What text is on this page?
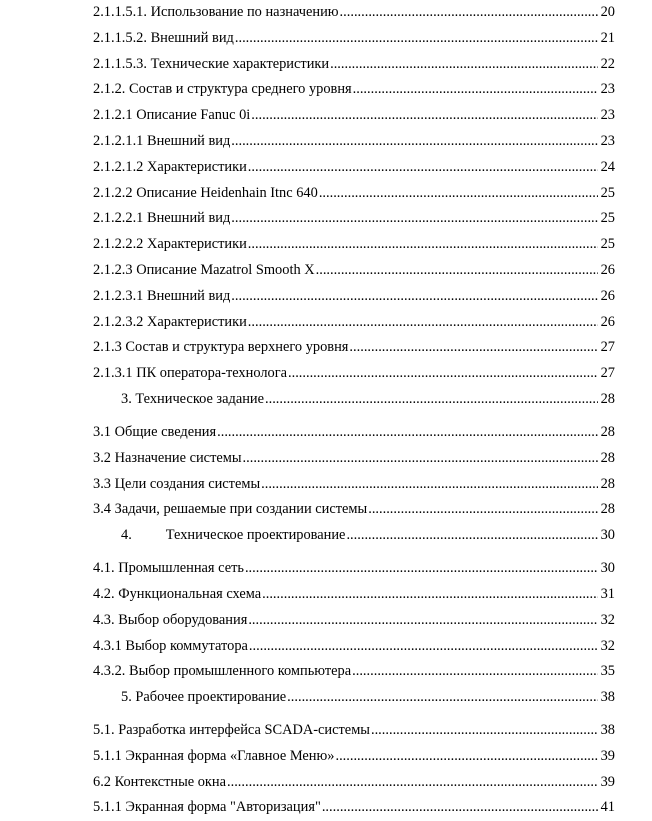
2.1.1.5.1. Использование по назначению .....	20
2.1.1.5.2. Внешний вид .....	21
2.1.1.5.3. Технические характеристики .....	22
2.1.2. Состав и структура среднего уровня .....	23
2.1.2.1 Описание Fanuc 0i .....	23
2.1.2.1.1 Внешний вид .....	23
2.1.2.1.2 Характеристики .....	24
2.1.2.2 Описание Heidenhain Itnc 640 .....	25
2.1.2.2.1 Внешний вид .....	25
2.1.2.2.2 Характеристики .....	25
2.1.2.3 Описание Mazatrol Smooth X .....	26
2.1.2.3.1 Внешний вид .....	26
2.1.2.3.2 Характеристики .....	26
2.1.3 Состав и структура верхнего уровня .....	27
2.1.3.1 ПК оператора-технолога .....	27
3. Техническое задание .....	28
3.1 Общие сведения .....	28
3.2 Назначение системы .....	28
3.3 Цели создания системы .....	28
3.4 Задачи, решаемые при создании системы .....	28
4. Техническое проектирование .....	30
4.1. Промышленная сеть .....	30
4.2. Функциональная схема .....	31
4.3. Выбор оборудования .....	32
4.3.1 Выбор коммутатора .....	32
4.3.2. Выбор промышленного компьютера .....	35
5. Рабочее проектирование .....	38
5.1. Разработка интерфейса SCADA-системы .....	38
5.1.1 Экранная форма «Главное Меню» .....	39
6.2 Контекстные окна .....	39
5.1.1 Экранная форма "Авторизация" .....	41
